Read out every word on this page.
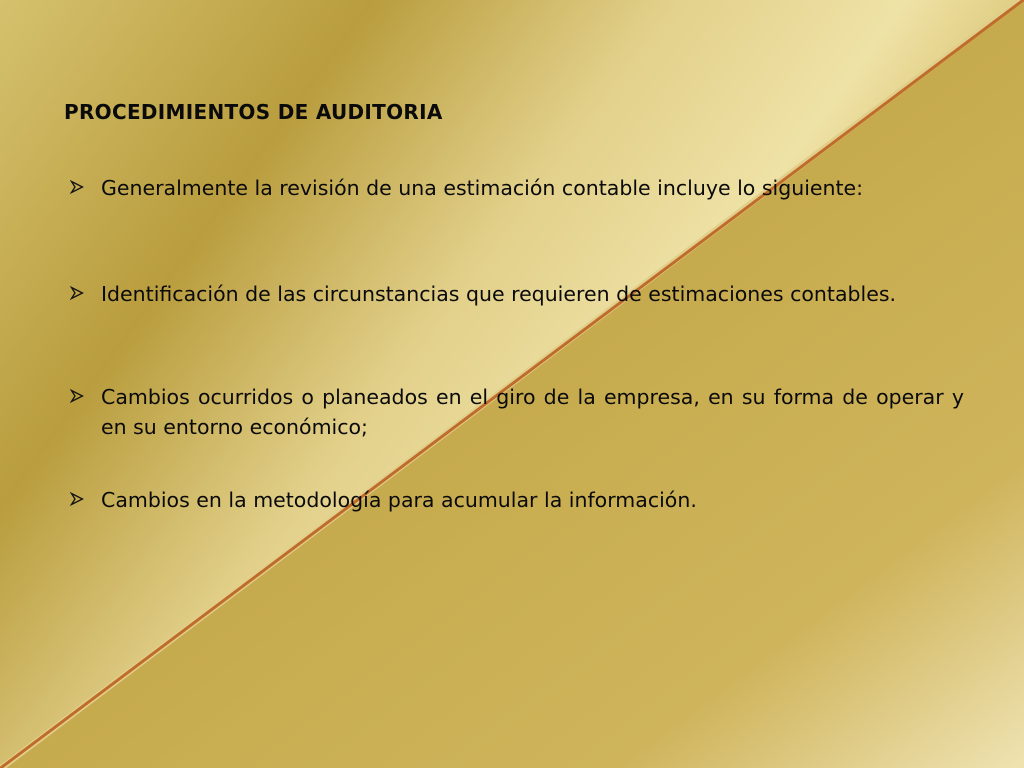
PROCEDIMIENTOS DE AUDITORIA
Generalmente la revisión de una estimación contable incluye lo siguiente:
Identificación de las circunstancias que requieren de estimaciones contables.
Cambios ocurridos o planeados en el giro de la empresa, en su forma de operar y en su entorno económico;
Cambios en la metodología para acumular la información.
